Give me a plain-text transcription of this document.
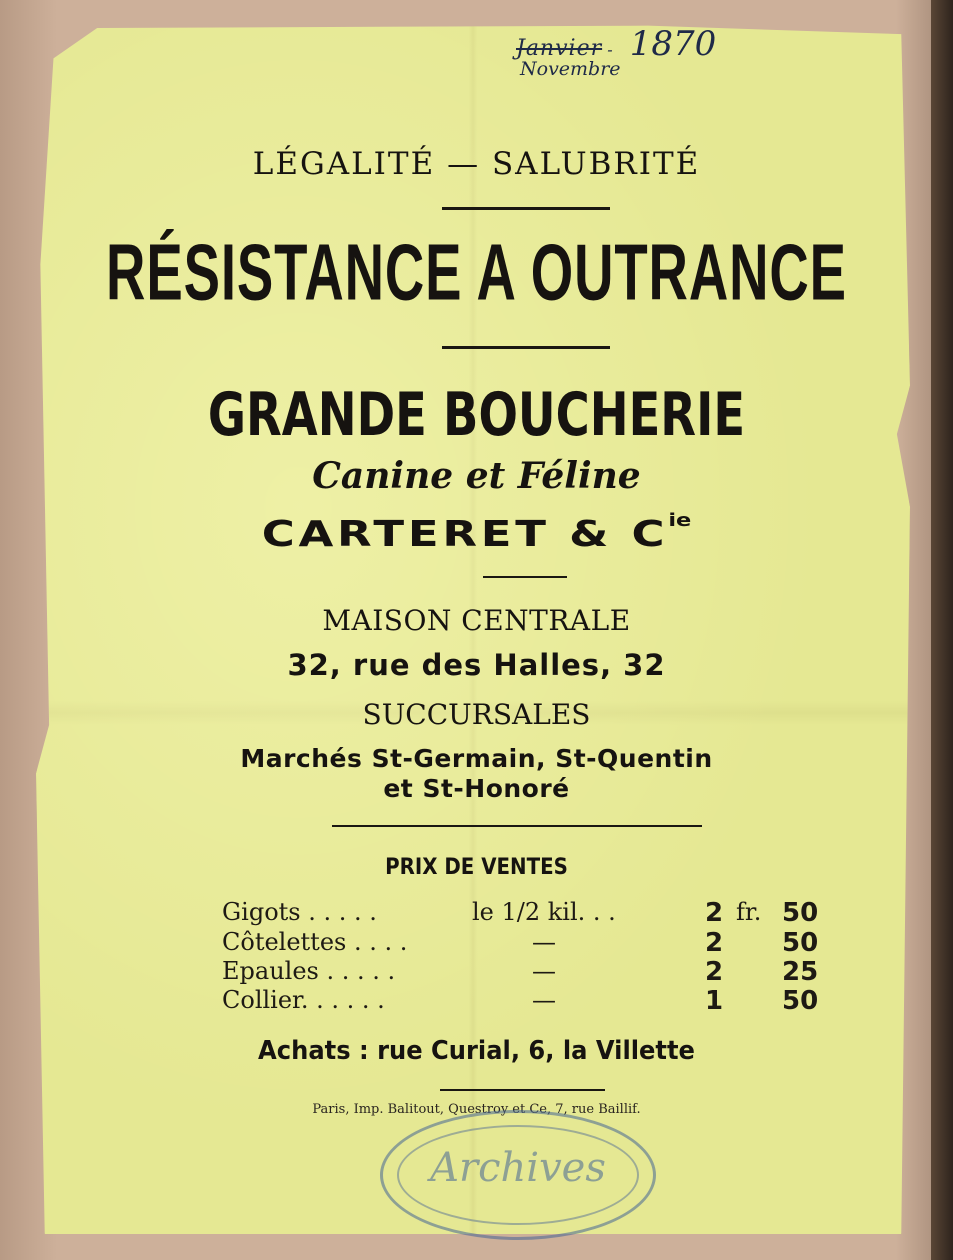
Janvier - 1870
Novembre
LÉGALITÉ — SALUBRITÉ
RÉSISTANCE A OUTRANCE
GRANDE BOUCHERIE
Canine et Féline
CARTERET & $C^{ie}$
MAISON CENTRALE
32, rue des Halles, 32
SUCCURSALES
Marchés St-Germain, St-Quentin
et St-Honoré
PRIX DE VENTES
Gigots . . . . .	le 1/2 kil. . .	2 fr. 50
Côtelettes . . . .	—	2 50
Epaules . . . . .	—	2 25
Collier. . . . . .	—	1 50
Achats : rue Curial, 6, la Villette
Paris, Imp. Balitout, Questroy et Ce, 7, rue Baillif.
Archives
